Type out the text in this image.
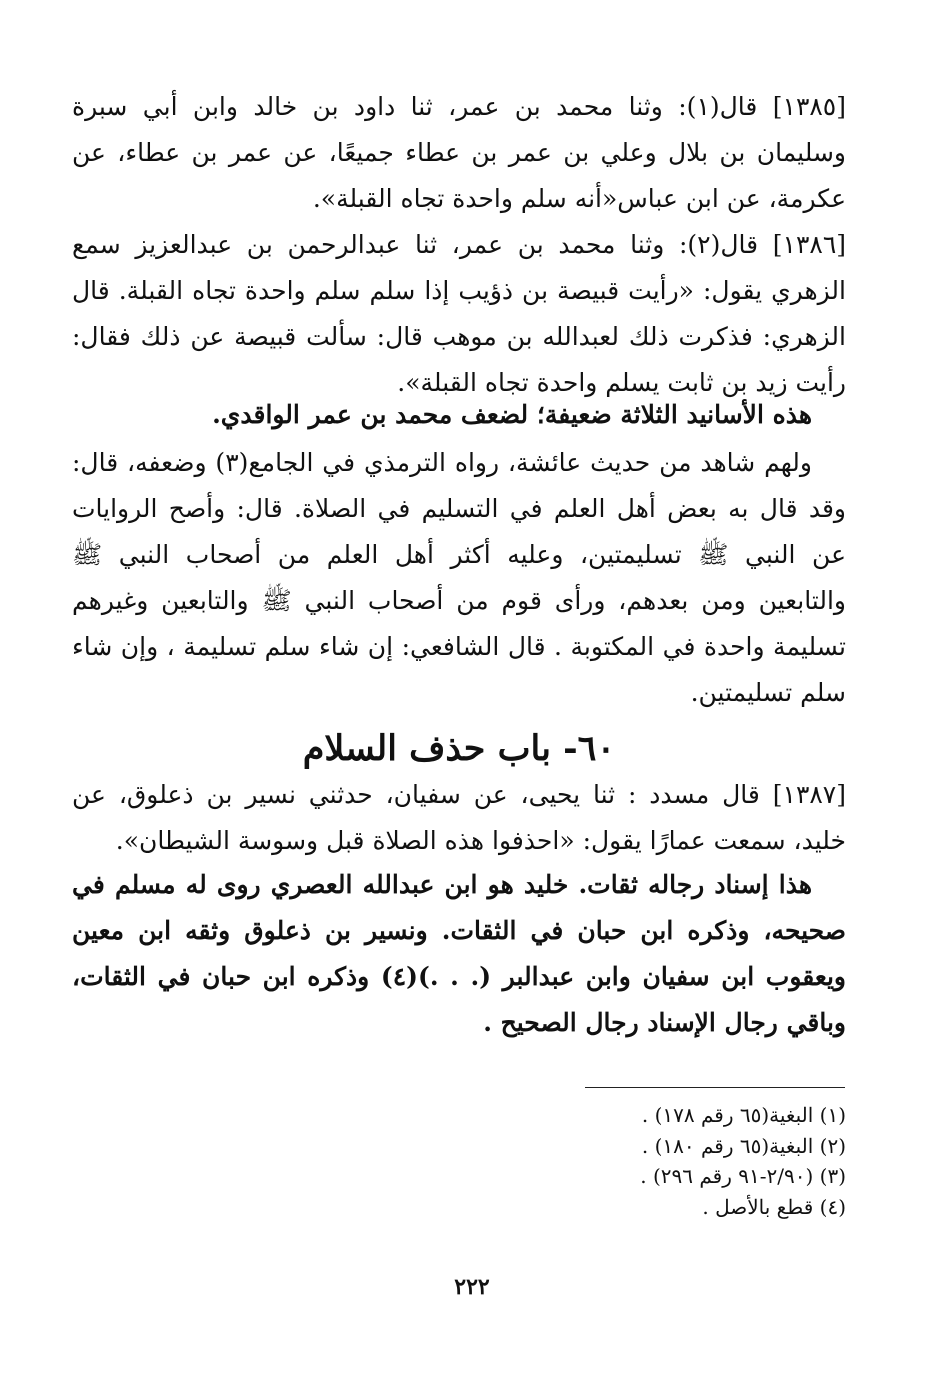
[١٣٨٥] قال(١): وثنا محمد بن عمر، ثنا داود بن خالد وابن أبي سبرة وسليمان بن بلال وعلي بن عمر بن عطاء جميعًا، عن عمر بن عطاء، عن عكرمة، عن ابن عباس«أنه سلم واحدة تجاه القبلة».

[١٣٨٦] قال(٢): وثنا محمد بن عمر، ثنا عبدالرحمن بن عبدالعزيز سمع الزهري يقول: «رأيت قبيصة بن ذؤيب إذا سلم سلم واحدة تجاه القبلة. قال الزهري: فذكرت ذلك لعبدالله بن موهب قال: سألت قبيصة عن ذلك فقال: رأيت زيد بن ثابت يسلم واحدة تجاه القبلة».

هذه الأسانيد الثلاثة ضعيفة؛ لضعف محمد بن عمر الواقدي.

ولهم شاهد من حديث عائشة، رواه الترمذي في الجامع(٣) وضعفه، قال: وقد قال به بعض أهل العلم في التسليم في الصلاة. قال: وأصح الروايات عن النبي ﷺ تسليمتين، وعليه أكثر أهل العلم من أصحاب النبي ﷺ والتابعين ومن بعدهم، ورأى قوم من أصحاب النبي ﷺ والتابعين وغيرهم تسليمة واحدة في المكتوبة . قال الشافعي: إن شاء سلم تسليمة ، وإن شاء سلم تسليمتين.

٦٠- باب حذف السلام

[١٣٨٧] قال مسدد : ثنا يحيى، عن سفيان، حدثني نسير بن ذعلوق، عن خليد، سمعت عمارًا يقول: «احذفوا هذه الصلاة قبل وسوسة الشيطان».

هذا إسناد رجاله ثقات. خليد هو ابن عبدالله العصري روى له مسلم في صحيحه، وذكره ابن حبان في الثقات. ونسير بن ذعلوق وثقه ابن معين ويعقوب ابن سفيان وابن عبدالبر (. . .)(٤) وذكره ابن حبان في الثقات، وباقي رجال الإسناد رجال الصحيح .

(١) البغية(٦٥ رقم ١٧٨) .
(٢) البغية(٦٥ رقم ١٨٠) .
(٣) (٢/٩٠-٩١ رقم ٢٩٦) .
(٤) قطع بالأصل .
٢٢٢
